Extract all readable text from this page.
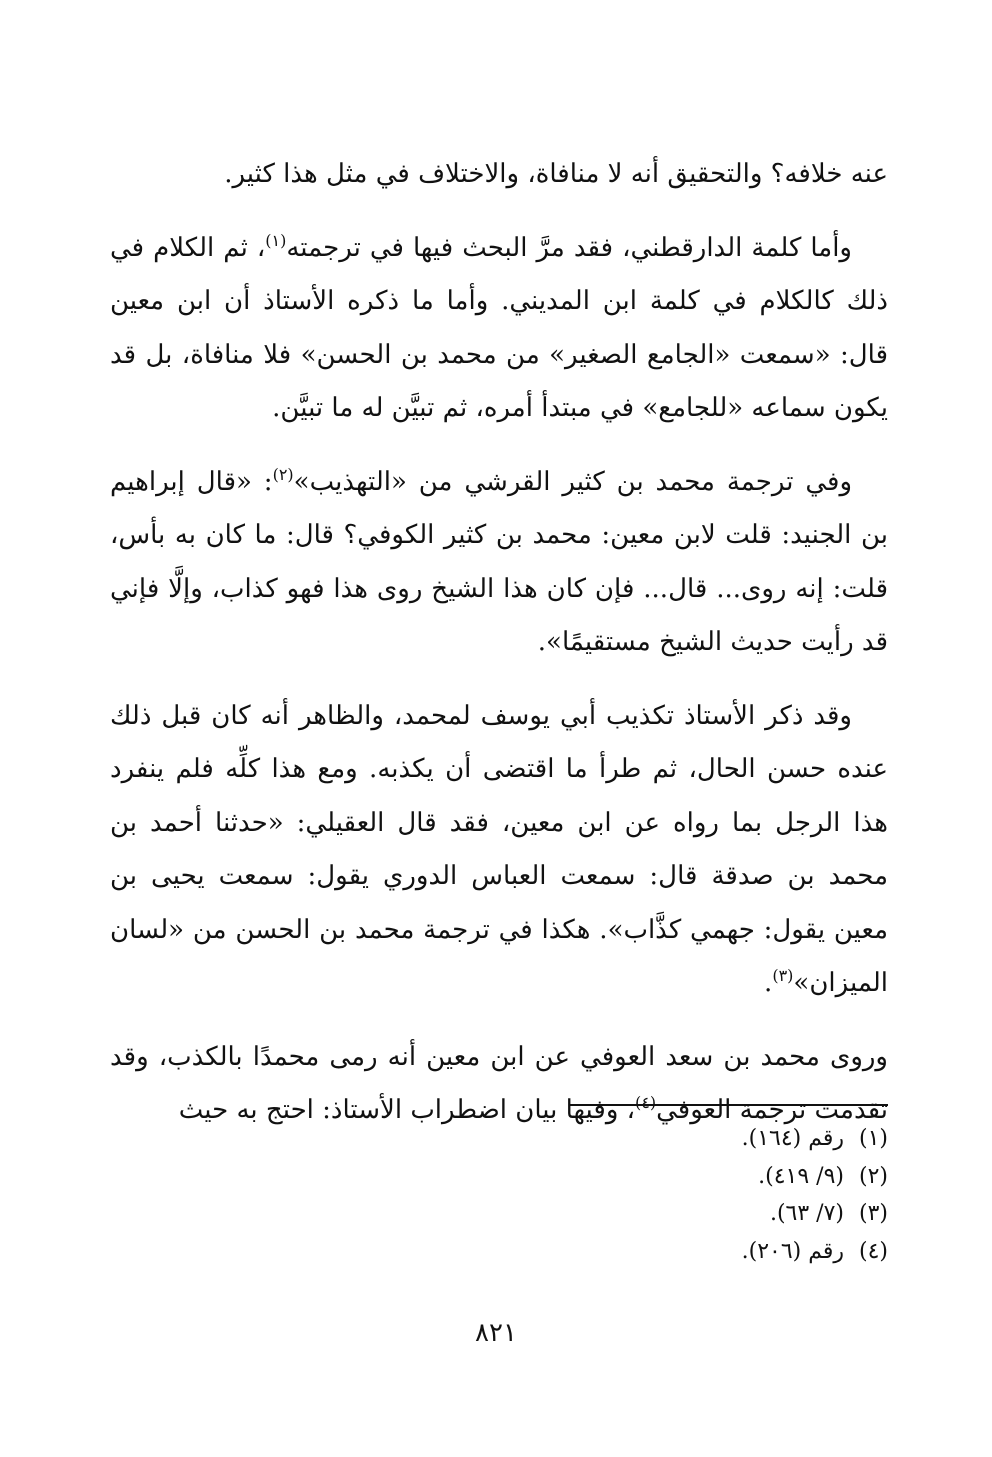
عنه خلافه؟ والتحقيق أنه لا منافاة، والاختلاف في مثل هذا كثير.

وأما كلمة الدارقطني، فقد مرَّ البحث فيها في ترجمته$^{(١)}$، ثم الكلام في ذلك كالكلام في كلمة ابن المديني. وأما ما ذكره الأستاذ أن ابن معين قال: «سمعت «الجامع الصغير» من محمد بن الحسن» فلا منافاة، بل قد يكون سماعه «للجامع» في مبتدأ أمره، ثم تبيَّن له ما تبيَّن.

وفي ترجمة محمد بن كثير القرشي من «التهذيب»$^{(٢)}$: «قال إبراهيم بن الجنيد: قلت لابن معين: محمد بن كثير الكوفي؟ قال: ما كان به بأس، قلت: إنه روى... قال... فإن كان هذا الشيخ روى هذا فهو كذاب، وإلَّا فإني قد رأيت حديث الشيخ مستقيمًا».

وقد ذكر الأستاذ تكذيب أبي يوسف لمحمد، والظاهر أنه كان قبل ذلك عنده حسن الحال، ثم طرأ ما اقتضى أن يكذبه. ومع هذا كلِّه فلم ينفرد هذا الرجل بما رواه عن ابن معين، فقد قال العقيلي: «حدثنا أحمد بن محمد بن صدقة قال: سمعت العباس الدوري يقول: سمعت يحيى بن معين يقول: جهمي كذَّاب». هكذا في ترجمة محمد بن الحسن من «لسان الميزان»$^{(٣)}$.

وروى محمد بن سعد العوفي عن ابن معين أنه رمى محمدًا بالكذب، وقد تقدمت ترجمة العوفي$^{(٤)}$، وفيها بيان اضطراب الأستاذ: احتج به حيث

(١)رقم (١٦٤).
(٢)(٩/ ٤١٩).
(٣)(٧/ ٦٣).
(٤)رقم (٢٠٦).
٨٢١
